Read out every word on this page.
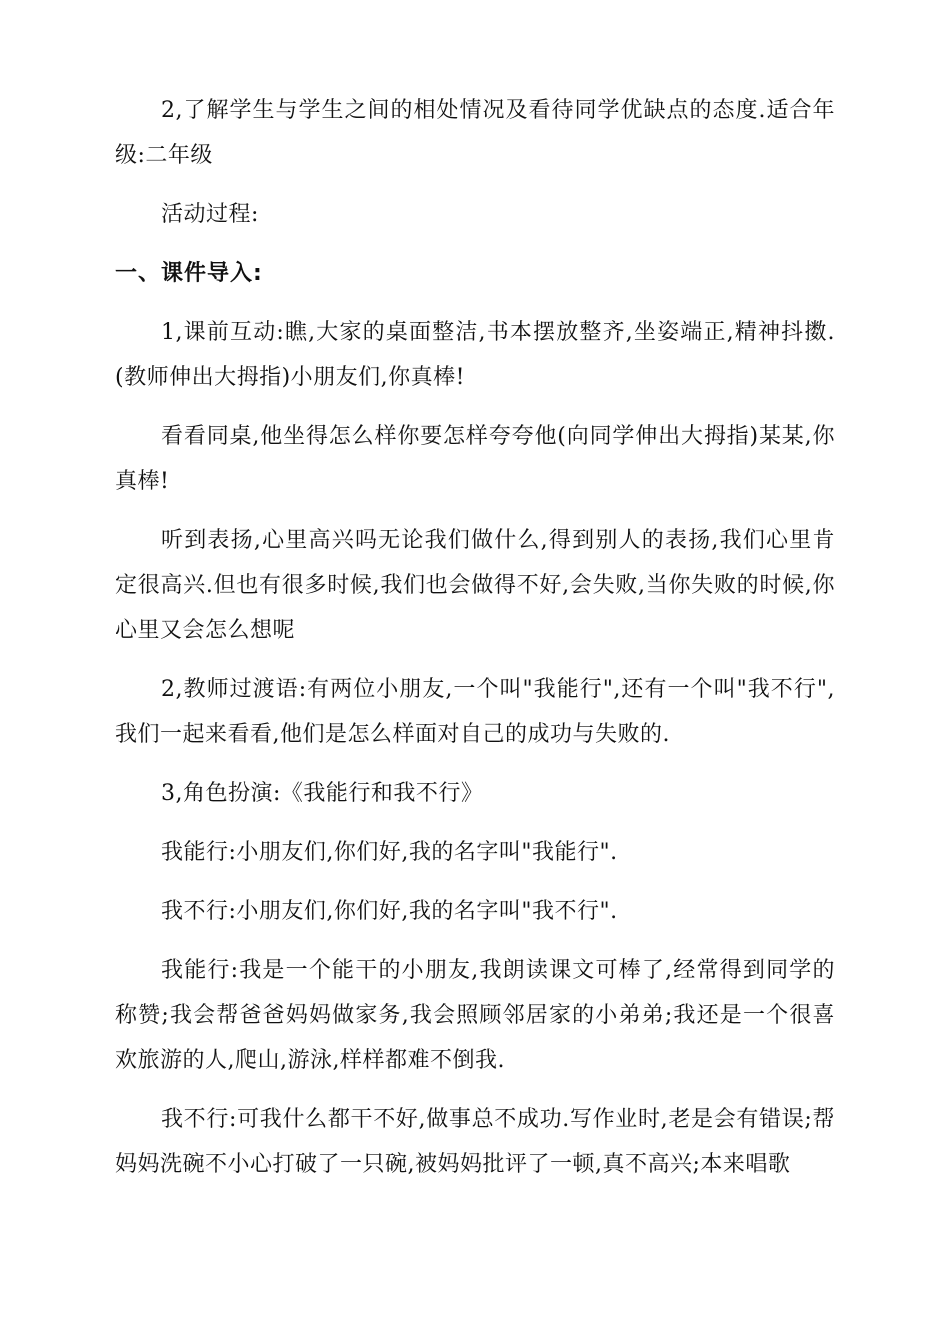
2,了解学生与学生之间的相处情况及看待同学优缺点的态度.适合年级:二年级

活动过程:

一、课件导入:

1,课前互动:瞧,大家的桌面整洁,书本摆放整齐,坐姿端正,精神抖擞.(教师伸出大拇指)小朋友们,你真棒!

看看同桌,他坐得怎么样你要怎样夸夸他(向同学伸出大拇指)某某,你真棒!

听到表扬,心里高兴吗无论我们做什么,得到别人的表扬,我们心里肯定很高兴.但也有很多时候,我们也会做得不好,会失败,当你失败的时候,你心里又会怎么想呢

2,教师过渡语:有两位小朋友,一个叫"我能行",还有一个叫"我不行",我们一起来看看,他们是怎么样面对自己的成功与失败的.

3,角色扮演:《我能行和我不行》

我能行:小朋友们,你们好,我的名字叫"我能行".

我不行:小朋友们,你们好,我的名字叫"我不行".

我能行:我是一个能干的小朋友,我朗读课文可棒了,经常得到同学的称赞;我会帮爸爸妈妈做家务,我会照顾邻居家的小弟弟;我还是一个很喜欢旅游的人,爬山,游泳,样样都难不倒我.

我不行:可我什么都干不好,做事总不成功.写作业时,老是会有错误;帮妈妈洗碗不小心打破了一只碗,被妈妈批评了一顿,真不高兴;本来唱歌
